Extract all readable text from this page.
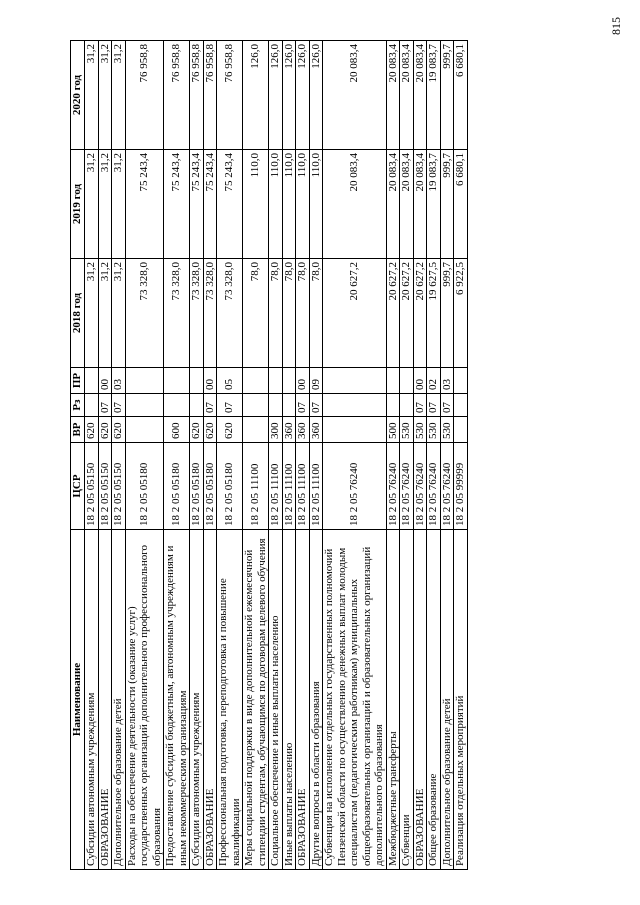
815
Наименование	ЦСР	ВР	Рз	ПР	2018 год	2019 год	2020 год
Субсидии автономным учреждениям	18 2 05 05150	620			31,2	31,2	31,2
ОБРАЗОВАНИЕ	18 2 05 05150	620	07	00	31,2	31,2	31,2
Дополнительное образование детей	18 2 05 05150	620	07	03	31,2	31,2	31,2
Расходы на обеспечение деятельности (оказание услуг) государственных организаций дополнительного профессионального образования	18 2 05 05180				73 328,0	75 243,4	76 958,8
Предоставление субсидий бюджетным, автономным учреждениям и иным некоммерческим организациям	18 2 05 05180	600			73 328,0	75 243,4	76 958,8
Субсидии автономным учреждениям	18 2 05 05180	620			73 328,0	75 243,4	76 958,8
ОБРАЗОВАНИЕ	18 2 05 05180	620	07	00	73 328,0	75 243,4	76 958,8
Профессиональная подготовка, переподготовка и повышение квалификации	18 2 05 05180	620	07	05	73 328,0	75 243,4	76 958,8
Меры социальной поддержки в виде дополнительной ежемесячной стипендии студентам, обучающимся по договорам целевого обучения	18 2 05 11100				78,0	110,0	126,0
Социальное обеспечение и иные выплаты населению	18 2 05 11100	300			78,0	110,0	126,0
Иные выплаты населению	18 2 05 11100	360			78,0	110,0	126,0
ОБРАЗОВАНИЕ	18 2 05 11100	360	07	00	78,0	110,0	126,0
Другие вопросы в области образования	18 2 05 11100	360	07	09	78,0	110,0	126,0
Субвенция на исполнение отдельных государственных полномочий Пензенской области по осуществлению денежных выплат молодым специалистам (педагогическим работникам) муниципальных общеобразовательных организаций и образовательных организаций дополнительного образования	18 2 05 76240				20 627,2	20 083,4	20 083,4
Межбюджетные трансферты	18 2 05 76240	500			20 627,2	20 083,4	20 083,4
Субвенции	18 2 05 76240	530			20 627,2	20 083,4	20 083,4
ОБРАЗОВАНИЕ	18 2 05 76240	530	07	00	20 627,2	20 083,4	20 083,4
Общее образование	18 2 05 76240	530	07	02	19 627,5	19 083,7	19 083,7
Дополнительное образование детей	18 2 05 76240	530	07	03	999,7	999,7	999,7
Реализация отдельных мероприятий	18 2 05 99999				6 922,5	6 680,1	6 680,1
